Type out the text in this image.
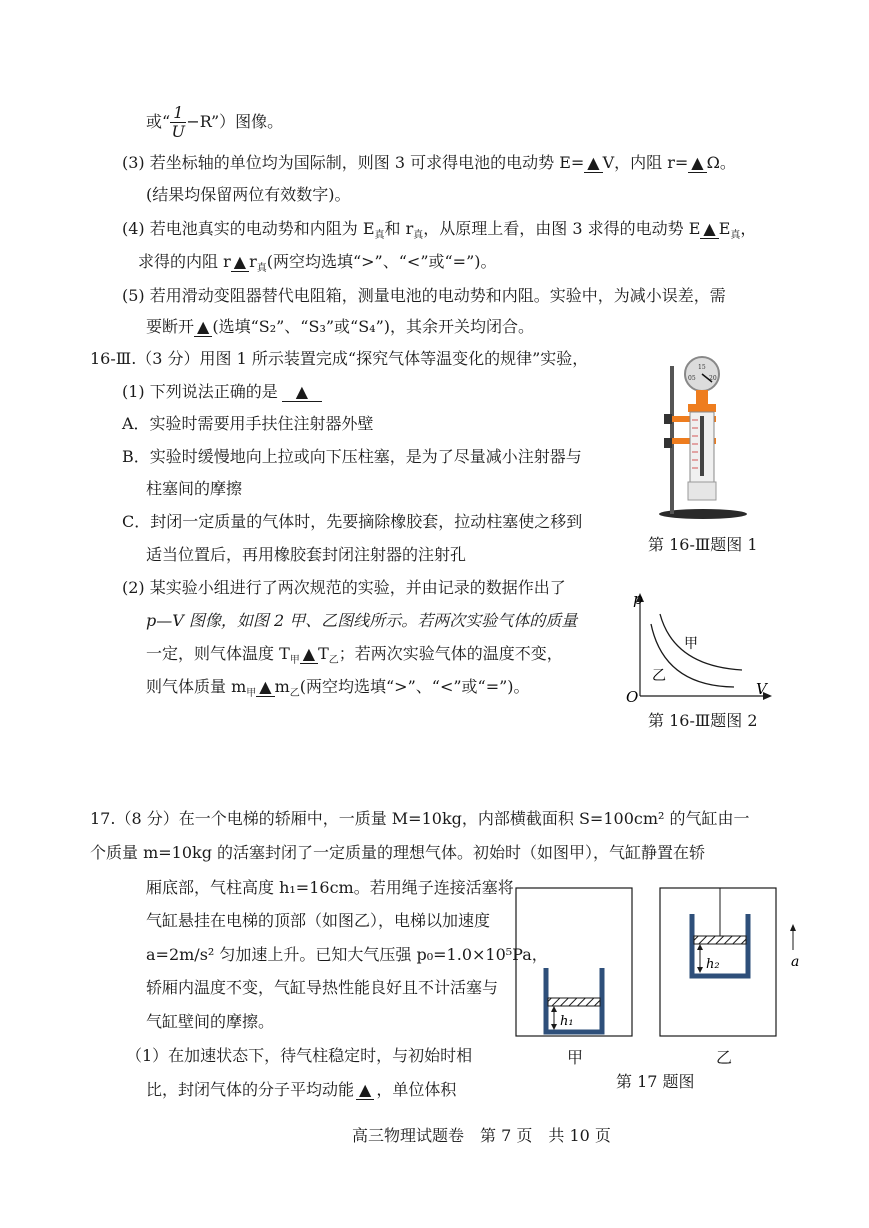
或“ $\frac{1}{U}$ −R”）图像。
(3) 若坐标轴的单位均为国际制，则图 3 可求得电池的电动势 E= ▲ V，内阻 r= ▲ Ω。
(结果均保留两位有效数字)。
(4) 若电池真实的电动势和内阻为 $E_真$和 $r_真$，从原理上看，由图 3 求得的电动势 E ▲ $E_真$，
求得的内阻 r ▲ $r_真$(两空均选填“>”、“<”或“=”)。
(5) 若用滑动变阻器替代电阻箱，测量电池的电动势和内阻。实验中，为减小误差，需
要断开 ▲ (选填“S₂”、“S₃”或“S₄”)，其余开关均闭合。
16-Ⅲ.（3 分）用图 1 所示装置完成“探究气体等温变化的规律”实验，
(1) 下列说法正确的是 ▲
A．实验时需要用手扶住注射器外壁
B．实验时缓慢地向上拉或向下压柱塞，是为了尽量减小注射器与
柱塞间的摩擦
C．封闭一定质量的气体时，先要摘除橡胶套，拉动柱塞使之移到
适当位置后，再用橡胶套封闭注射器的注射孔
(2) 某实验小组进行了两次规范的实验，并由记录的数据作出了
p—V 图像，如图 2 甲、乙图线所示。若两次实验气体的质量
一定，则气体温度 $T_甲$ ▲ $T_乙$；若两次实验气体的温度不变，
则气体质量 $m_甲$ ▲ $m_乙$(两空均选填“>”、“<”或“=”)。
05
15
20
第 16-Ⅲ题图 1
p
V
O
甲
乙
第 16-Ⅲ题图 2
17.（8 分）在一个电梯的轿厢中，一质量 M=10kg，内部横截面积 S=100cm² 的气缸由一
个质量 m=10kg 的活塞封闭了一定质量的理想气体。初始时（如图甲），气缸静置在轿
厢底部，气柱高度 h₁=16cm。若用绳子连接活塞将
气缸悬挂在电梯的顶部（如图乙），电梯以加速度
a=2m/s² 匀加速上升。已知大气压强 p₀=1.0×10⁵Pa，
轿厢内温度不变，气缸导热性能良好且不计活塞与
气缸壁间的摩擦。
（1）在加速状态下，待气柱稳定时，与初始时相
比，封闭气体的分子平均动能 ▲ ，单位体积
h₁
h₂	a
甲	乙
第 17 题图
高三物理试题卷　第 7 页　共 10 页
